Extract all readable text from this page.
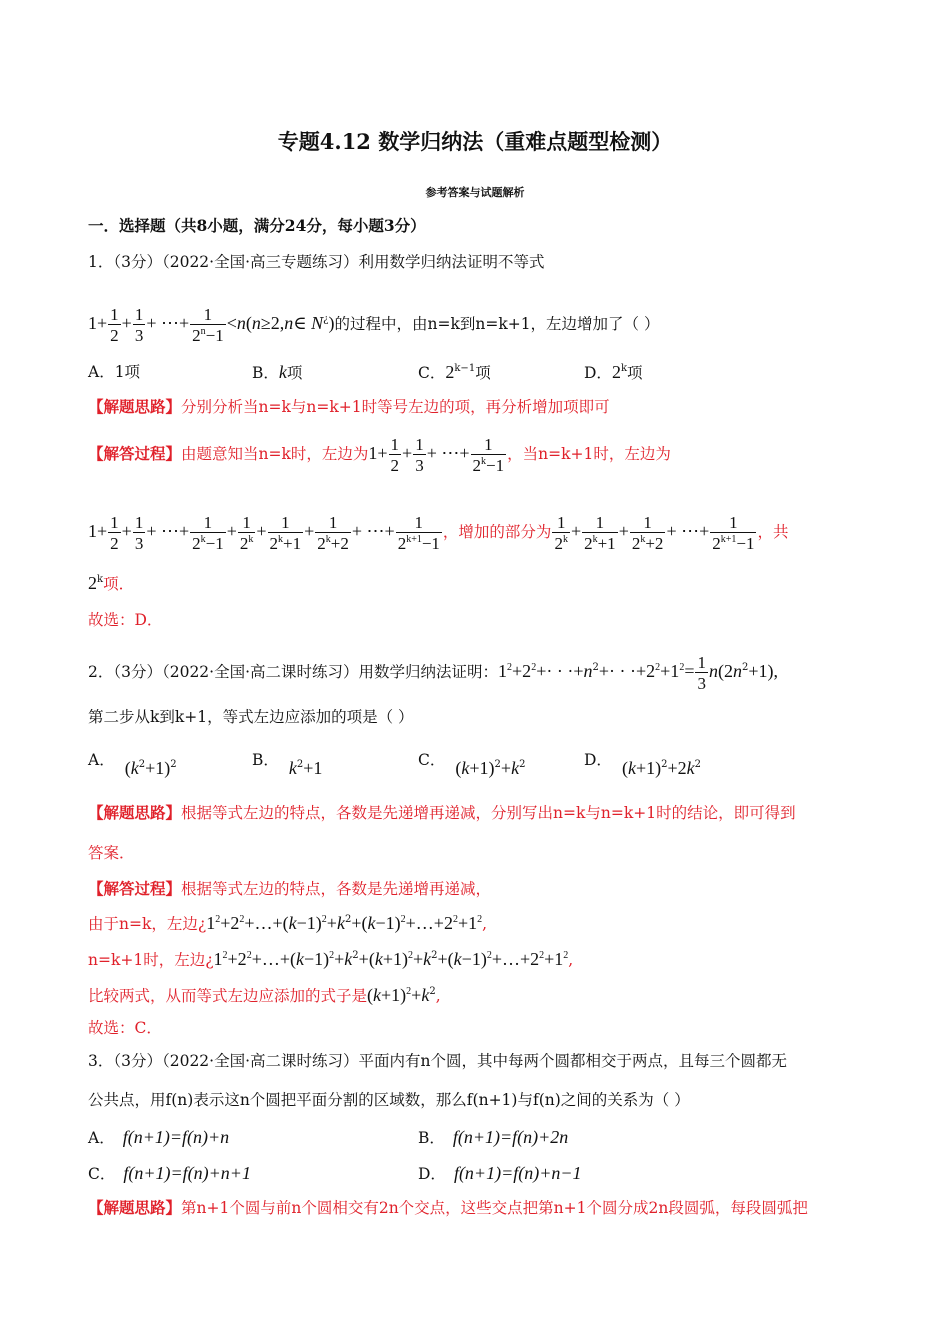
专题4.12 数学归纳法（重难点题型检测）
参考答案与试题解析
一．选择题（共8小题，满分24分，每小题3分）
1．（3分）（2022·全国·高三专题练习）利用数学归纳法证明不等式
$1+ \frac{1}{2} + \frac{1}{3}$ + ⋯+ $\frac{1}{2^n-1}$ <n(n≥2,n∈ N¿)的过程中，由n=k到n=k+1，左边增加了（ ）
A．1项	B．k项	C．$2^{k-1}$项	D．2$^k$项
【解题思路】分别分析当n=k与n=k+1时等号左边的项，再分析增加项即可
【解答过程】由题意知当n=k时，左边为$1+ \frac{1}{2} + \frac{1}{3}$ + ⋯+ $\frac{1}{2^k-1}$ ，当n=k+1时，左边为
$1+ \frac{1}{2} + \frac{1}{3}$ + ⋯+ $\frac{1}{2^k-1} + \frac{1}{2^k} + \frac{1}{2^k+1} + \frac{1}{2^k+2}$ + ⋯+ $\frac{1}{2^{k+1}-1}$ ，增加的部分为 $\frac{1}{2^k} + \frac{1}{2^k+1} + \frac{1}{2^k+2}$ + ⋯+ $\frac{1}{2^{k+1}-1}$ ，共
2$^k$项．
故选：D．
2．（3分）（2022·全国·高二课时练习）用数学归纳法证明：$1^2+2^2+\cdot \cdot \cdot+n^2+\cdot \cdot \cdot+2^2+1^2= \frac{1}{3} n(2n^2+1)$,
第二步从k到k+1，等式左边应添加的项是（ ）
A． $(k^2+1)^2$	B． $k^2+1$	C． $(k+1)^2+k^2$	D． $(k+1)^2+2k^2$
【解题思路】根据等式左边的特点，各数是先递增再递减，分别写出n=k与n=k+1时的结论，即可得到
答案．
【解答过程】根据等式左边的特点，各数是先递增再递减，
由于n=k，左边¿$1^2+2^2+\dots+(k-1)^2+k^2+(k-1)^2+\dots+2^2+1^2$,
n=k+1时，左边¿$1^2+2^2+\dots+(k-1)^2+k^2+(k+1)^2+k^2+(k-1)^2+\dots+2^2+1^2$,
比较两式，从而等式左边应添加的式子是$(k+1)^2+k^2$,
故选：C．
3．（3分）（2022·全国·高二课时练习）平面内有n个圆，其中每两个圆都相交于两点，且每三个圆都无
公共点，用f(n)表示这n个圆把平面分割的区域数，那么f(n+1)与f(n)之间的关系为（ ）
A． f(n+1)=f(n)+n	B． f(n+1)=f(n)+2n
C． f(n+1)=f(n)+n+1	D． f(n+1)=f(n)+n−1
【解题思路】第n+1个圆与前n个圆相交有2n个交点，这些交点把第n+1个圆分成2n段圆弧，每段圆弧把
